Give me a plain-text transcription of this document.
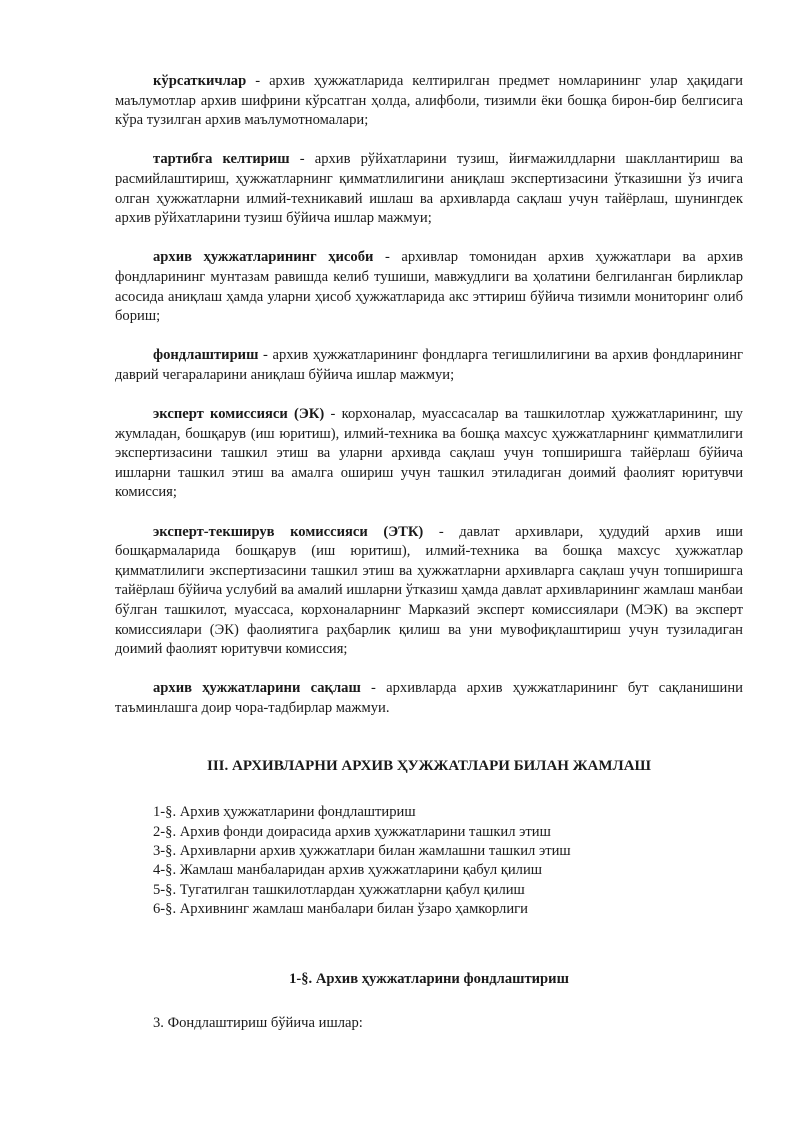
кўрсаткичлар - архив ҳужжатларида келтирилган предмет номларининг улар ҳақидаги маълумотлар архив шифрини кўрсатган ҳолда, алифболи, тизимли ёки бошқа бирон-бир белгисига кўра тузилган архив маълумотномалари;

тартибга келтириш - архив рўйхатларини тузиш, йиғмажилдларни шакллантириш ва расмийлаштириш, ҳужжатларнинг қимматлилигини аниқлаш экспертизасини ўтказишни ўз ичига олган ҳужжатларни илмий-техникавий ишлаш ва архивларда сақлаш учун тайёрлаш, шунингдек архив рўйхатларини тузиш бўйича ишлар мажмуи;

архив ҳужжатларининг ҳисоби - архивлар томонидан архив ҳужжатлари ва архив фондларининг мунтазам равишда келиб тушиши, мавжудлиги ва ҳолатини белгиланган бирликлар асосида аниқлаш ҳамда уларни ҳисоб ҳужжатларида акс эттириш бўйича тизимли мониторинг олиб бориш;

фондлаштириш - архив ҳужжатларининг фондларга тегишлилигини ва архив фондларининг даврий чегараларини аниқлаш бўйича ишлар мажмуи;

эксперт комиссияси (ЭК) - корхоналар, муассасалар ва ташкилотлар ҳужжатларининг, шу жумладан, бошқарув (иш юритиш), илмий-техника ва бошқа махсус ҳужжатларнинг қимматлилиги экспертизасини ташкил этиш ва уларни архивда сақлаш учун топширишга тайёрлаш бўйича ишларни ташкил этиш ва амалга ошириш учун ташкил этиладиган доимий фаолият юритувчи комиссия;

эксперт-текширув комиссияси (ЭТК) - давлат архивлари, ҳудудий архив иши бошқармаларида бошқарув (иш юритиш), илмий-техника ва бошқа махсус ҳужжатлар қимматлилиги экспертизасини ташкил этиш ва ҳужжатларни архивларга сақлаш учун топширишга тайёрлаш бўйича услубий ва амалий ишларни ўтказиш ҳамда давлат архивларининг жамлаш манбаи бўлган ташкилот, муассаса, корхоналарнинг Марказий эксперт комиссиялари (МЭК) ва эксперт комиссиялари (ЭК) фаолиятига раҳбарлик қилиш ва уни мувофиқлаштириш учун тузиладиган доимий фаолият юритувчи комиссия;

архив ҳужжатларини сақлаш - архивларда архив ҳужжатларининг бут сақланишини таъминлашга доир чора-тадбирлар мажмуи.

III. АРХИВЛАРНИ АРХИВ ҲУЖЖАТЛАРИ БИЛАН ЖАМЛАШ
1-§. Архив ҳужжатларини фондлаштириш
2-§. Архив фонди доирасида архив ҳужжатларини ташкил этиш
3-§. Архивларни архив ҳужжатлари билан жамлашни ташкил этиш
4-§. Жамлаш манбаларидан архив ҳужжатларини қабул қилиш
5-§. Тугатилган ташкилотлардан ҳужжатларни қабул қилиш
6-§. Архивнинг жамлаш манбалари билан ўзаро ҳамкорлиги
1-§. Архив ҳужжатларини фондлаштириш

3. Фондлаштириш бўйича ишлар:
